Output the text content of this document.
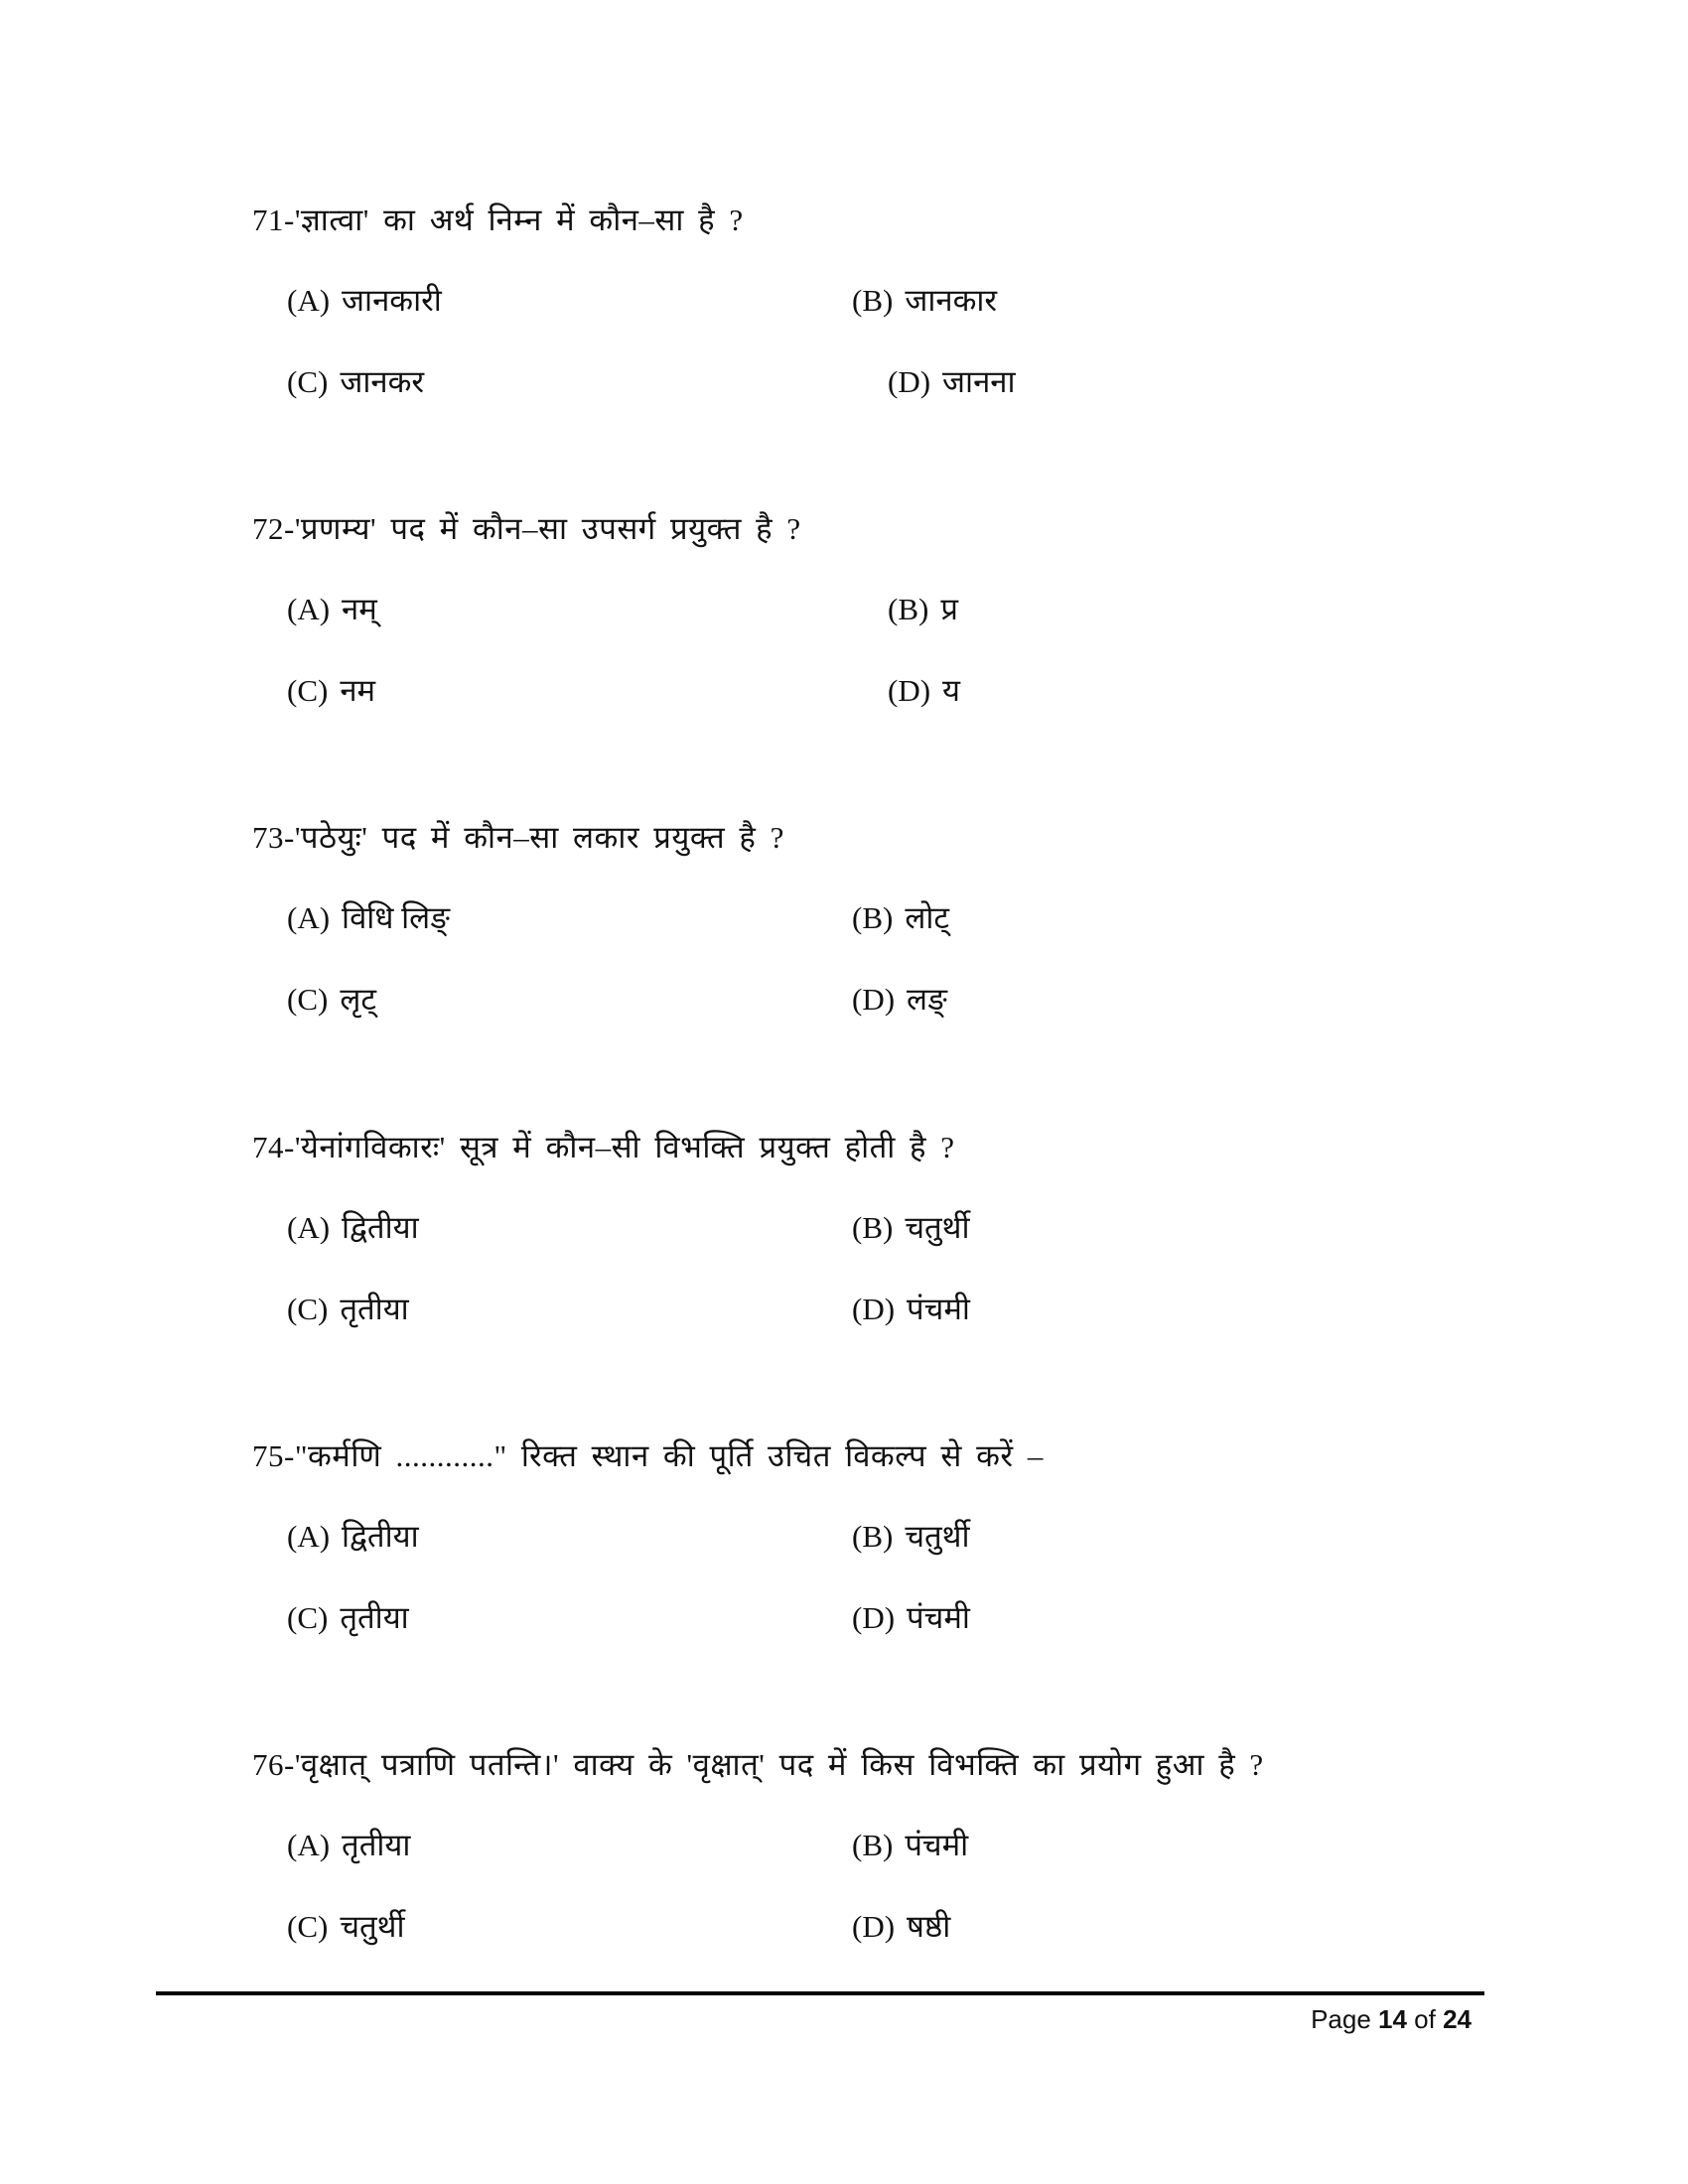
71-'ज्ञात्वा' का अर्थ निम्न में कौन–सा है ?
(A) जानकारी	(B) जानकार
(C) जानकर	(D) जानना
72-'प्रणम्य' पद में कौन–सा उपसर्ग प्रयुक्त है ?
(A) नम्	(B) प्र
(C) नम	(D) य
73-'पठेयुः' पद में कौन–सा लकार प्रयुक्त है ?
(A) विधि लिङ्	(B) लोट्
(C) लृट्	(D) लङ्
74-'येनांगविकारः' सूत्र में कौन–सी विभक्ति प्रयुक्त होती है ?
(A) द्वितीया	(B) चतुर्थी
(C) तृतीया	(D) पंचमी
75-"कर्मणि ............" रिक्त स्थान की पूर्ति उचित विकल्प से करें –
(A) द्वितीया	(B) चतुर्थी
(C) तृतीया	(D) पंचमी
76-'वृक्षात् पत्राणि पतन्ति।' वाक्य के 'वृक्षात्' पद में किस विभक्ति का प्रयोग हुआ है ?
(A) तृतीया	(B) पंचमी
(C) चतुर्थी	(D) षष्ठी
Page 14 of 24
